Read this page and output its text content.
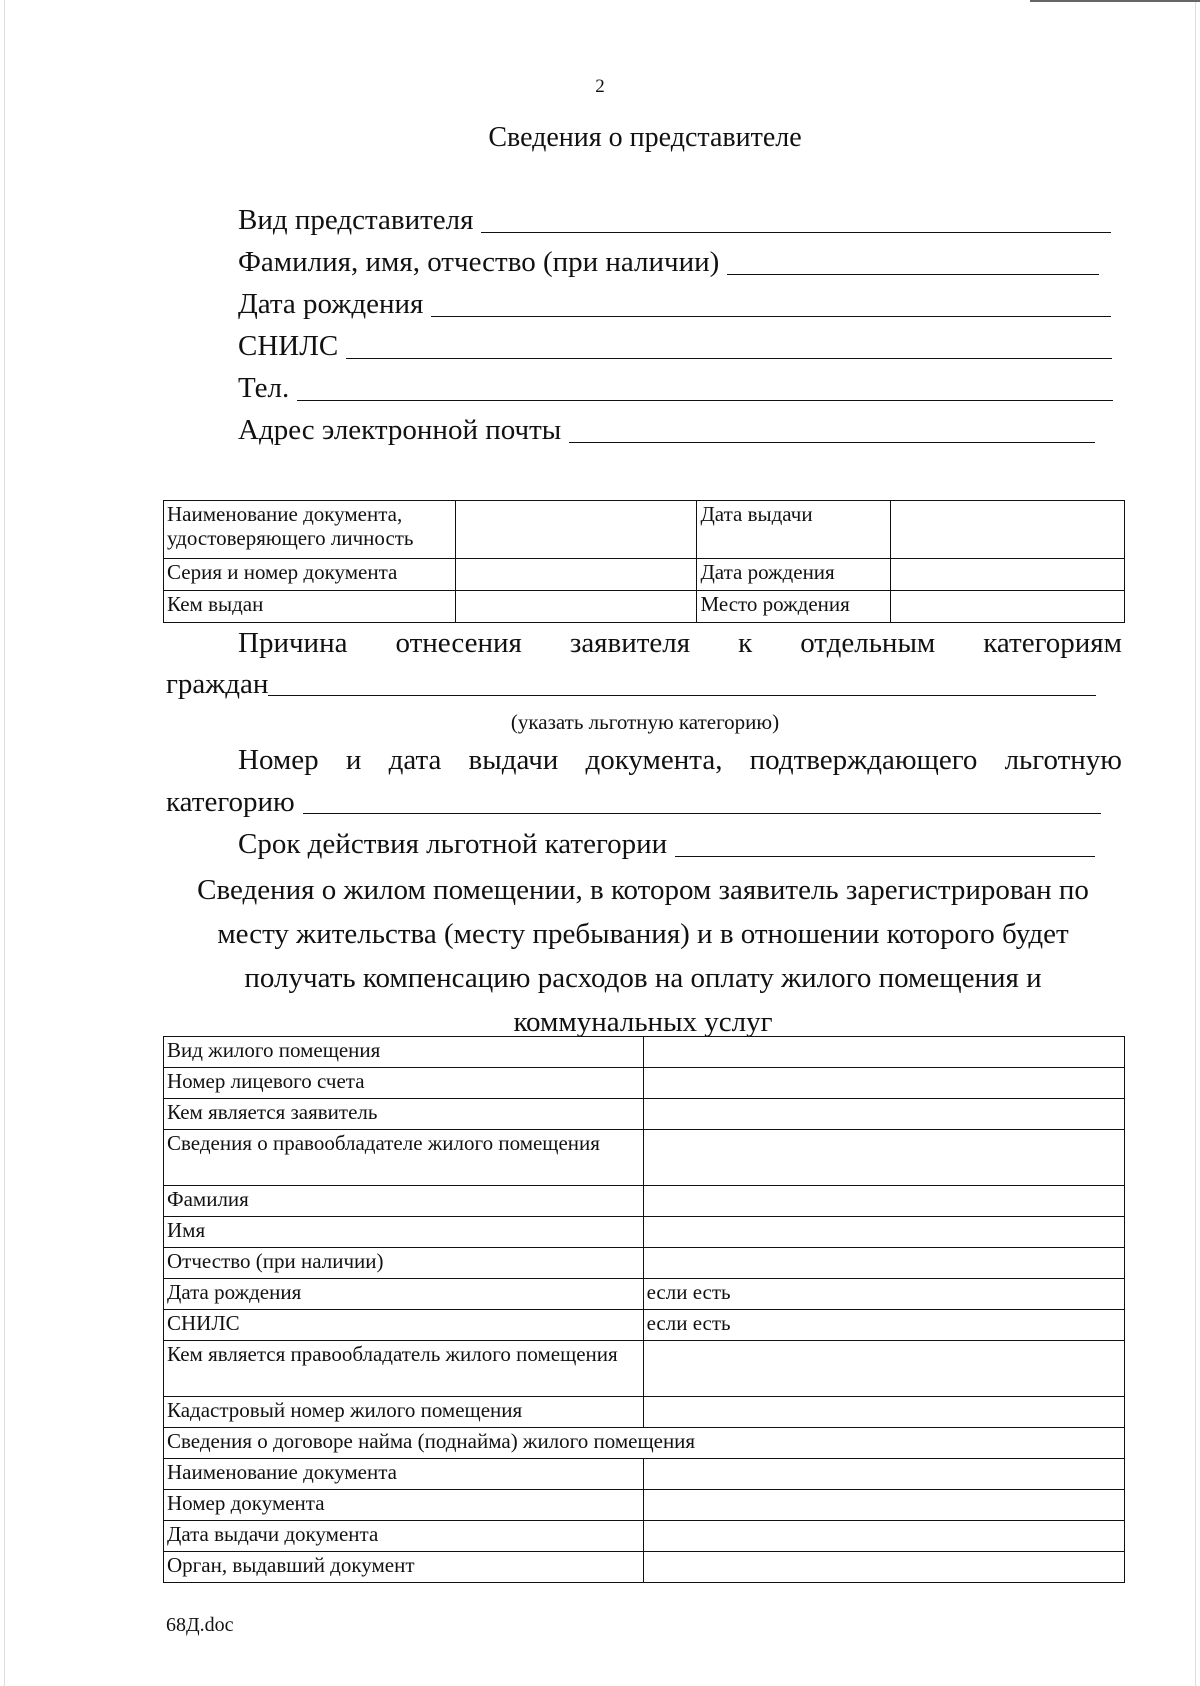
2
Сведения о представителе
Вид представителя
Фамилия, имя, отчество (при наличии)
Дата рождения
СНИЛС
Тел.
Адрес электронной почты
Наименование документа,
удостоверяющего личность		Дата выдачи	
Серия и номер документа		Дата рождения	
Кем выдан		Место рождения	
Причина отнесения заявителя к отдельным категориям
граждан
(указать льготную категорию)
Номер и дата выдачи документа, подтверждающего льготную
категорию
Срок действия льготной категории
Сведения о жилом помещении, в котором заявитель зарегистрирован по
месту жительства (месту пребывания) и в отношении которого будет
получать компенсацию расходов на оплату жилого помещения и
коммунальных услуг
Вид жилого помещения	
Номер лицевого счета	
Кем является заявитель	
Сведения о правообладателе жилого помещения	
Фамилия	
Имя	
Отчество (при наличии)	
Дата рождения	если есть
СНИЛС	если есть
Кем является правообладатель жилого помещения	
Кадастровый номер жилого помещения	
Сведения о договоре найма (поднайма) жилого помещения	
Наименование документа	
Номер документа	
Дата выдачи документа	
Орган, выдавший документ	
68Д.doc
